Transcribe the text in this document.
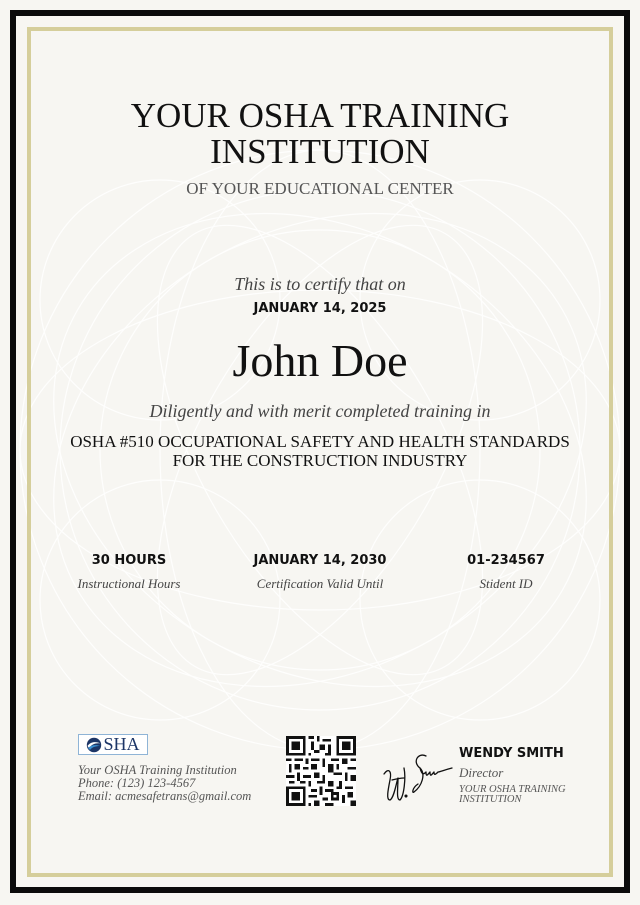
YOUR OSHA TRAINING
INSTITUTION
OF YOUR EDUCATIONAL CENTER
This is to certify that on
JANUARY 14, 2025
John Doe
Diligently and with merit completed training in
OSHA #510 OCCUPATIONAL SAFETY AND HEALTH STANDARDS
FOR THE CONSTRUCTION INDUSTRY
30 HOURS
Instructional Hours
JANUARY 14, 2030
Certification Valid Until
01-234567
Stident ID
SHA
Your OSHA Training Institution
Phone: (123) 123-4567
Email: acmesafetrans@gmail.com
WENDY SMITH
Director
YOUR OSHA TRAINING
INSTITUTION
